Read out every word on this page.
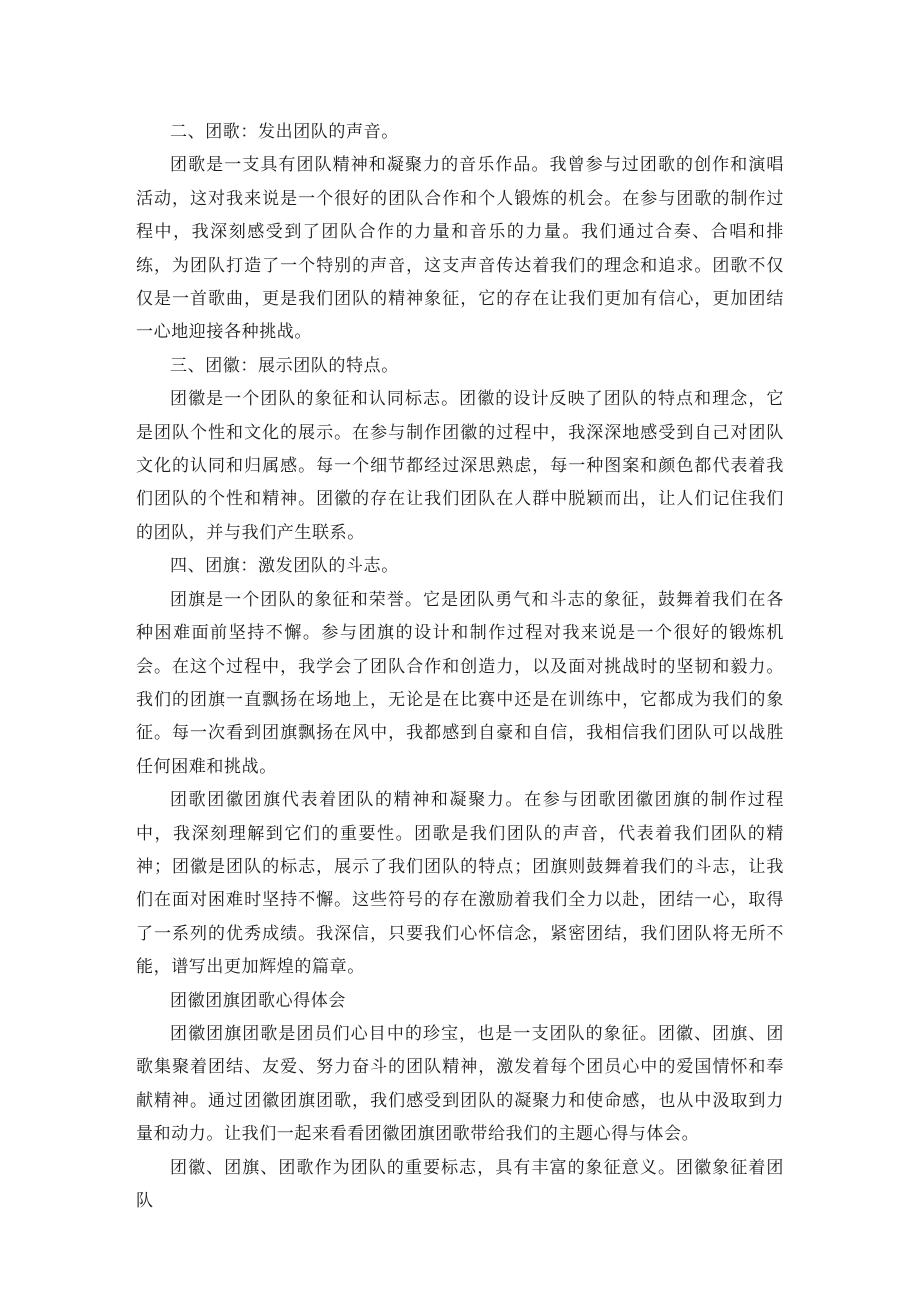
二、团歌：发出团队的声音。

团歌是一支具有团队精神和凝聚力的音乐作品。我曾参与过团歌的创作和演唱活动，这对我来说是一个很好的团队合作和个人锻炼的机会。在参与团歌的制作过程中，我深刻感受到了团队合作的力量和音乐的力量。我们通过合奏、合唱和排练，为团队打造了一个特别的声音，这支声音传达着我们的理念和追求。团歌不仅仅是一首歌曲，更是我们团队的精神象征，它的存在让我们更加有信心，更加团结一心地迎接各种挑战。

三、团徽：展示团队的特点。

团徽是一个团队的象征和认同标志。团徽的设计反映了团队的特点和理念，它是团队个性和文化的展示。在参与制作团徽的过程中，我深深地感受到自己对团队文化的认同和归属感。每一个细节都经过深思熟虑，每一种图案和颜色都代表着我们团队的个性和精神。团徽的存在让我们团队在人群中脱颖而出，让人们记住我们的团队，并与我们产生联系。

四、团旗：激发团队的斗志。

团旗是一个团队的象征和荣誉。它是团队勇气和斗志的象征，鼓舞着我们在各种困难面前坚持不懈。参与团旗的设计和制作过程对我来说是一个很好的锻炼机会。在这个过程中，我学会了团队合作和创造力，以及面对挑战时的坚韧和毅力。我们的团旗一直飘扬在场地上，无论是在比赛中还是在训练中，它都成为我们的象征。每一次看到团旗飘扬在风中，我都感到自豪和自信，我相信我们团队可以战胜任何困难和挑战。

团歌团徽团旗代表着团队的精神和凝聚力。在参与团歌团徽团旗的制作过程中，我深刻理解到它们的重要性。团歌是我们团队的声音，代表着我们团队的精神；团徽是团队的标志，展示了我们团队的特点；团旗则鼓舞着我们的斗志，让我们在面对困难时坚持不懈。这些符号的存在激励着我们全力以赴，团结一心，取得了一系列的优秀成绩。我深信，只要我们心怀信念，紧密团结，我们团队将无所不能，谱写出更加辉煌的篇章。

团徽团旗团歌心得体会

团徽团旗团歌是团员们心目中的珍宝，也是一支团队的象征。团徽、团旗、团歌集聚着团结、友爱、努力奋斗的团队精神，激发着每个团员心中的爱国情怀和奉献精神。通过团徽团旗团歌，我们感受到团队的凝聚力和使命感，也从中汲取到力量和动力。让我们一起来看看团徽团旗团歌带给我们的主题心得与体会。

团徽、团旗、团歌作为团队的重要标志，具有丰富的象征意义。团徽象征着团队
